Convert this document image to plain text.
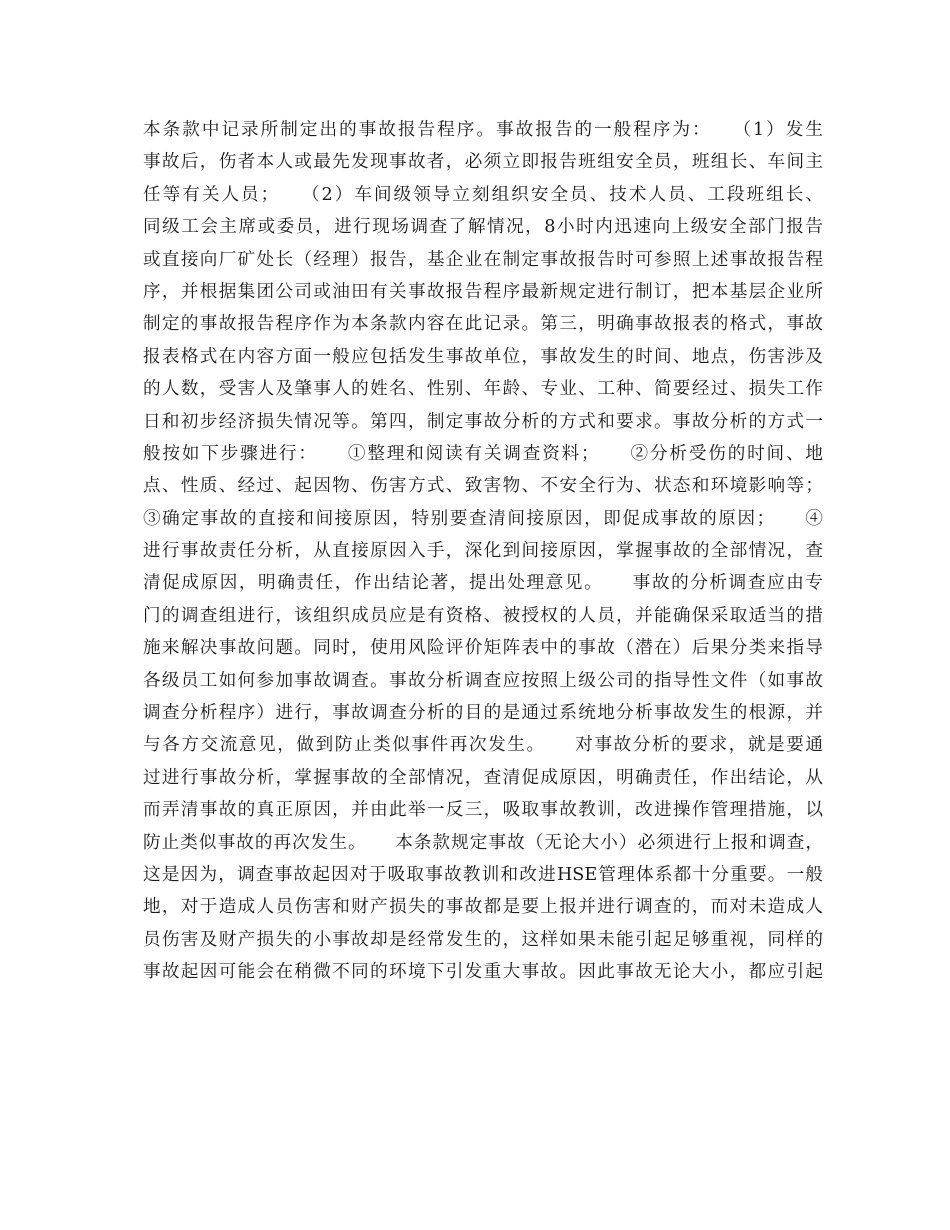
本条款中记录所制定出的事故报告程序。事故报告的一般程序为：　　（1）发生
事故后，伤者本人或最先发现事故者，必须立即报告班组安全员，班组长、车间主
任等有关人员；　　（2）车间级领导立刻组织安全员、技术人员、工段班组长、
同级工会主席或委员，进行现场调查了解情况，8小时内迅速向上级安全部门报告
或直接向厂矿处长（经理）报告，基企业在制定事故报告时可参照上述事故报告程
序，并根据集团公司或油田有关事故报告程序最新规定进行制订，把本基层企业所
制定的事故报告程序作为本条款内容在此记录。第三，明确事故报表的格式，事故
报表格式在内容方面一般应包括发生事故单位，事故发生的时间、地点，伤害涉及
的人数，受害人及肇事人的姓名、性别、年龄、专业、工种、简要经过、损失工作
日和初步经济损失情况等。第四，制定事故分析的方式和要求。事故分析的方式一
般按如下步骤进行：　　①整理和阅读有关调查资料；　　②分析受伤的时间、地
点、性质、经过、起因物、伤害方式、致害物、不安全行为、状态和环境影响等；
③确定事故的直接和间接原因，特别要查清间接原因，即促成事故的原因；　　④
进行事故责任分析，从直接原因入手，深化到间接原因，掌握事故的全部情况，查
清促成原因，明确责任，作出结论著，提出处理意见。　　事故的分析调查应由专
门的调查组进行，该组织成员应是有资格、被授权的人员，并能确保采取适当的措
施来解决事故问题。同时，使用风险评价矩阵表中的事故（潜在）后果分类来指导
各级员工如何参加事故调查。事故分析调查应按照上级公司的指导性文件（如事故
调查分析程序）进行，事故调查分析的目的是通过系统地分析事故发生的根源，并
与各方交流意见，做到防止类似事件再次发生。　　对事故分析的要求，就是要通
过进行事故分析，掌握事故的全部情况，查清促成原因，明确责任，作出结论，从
而弄清事故的真正原因，并由此举一反三，吸取事故教训，改进操作管理措施，以
防止类似事故的再次发生。　　本条款规定事故（无论大小）必须进行上报和调查，
这是因为，调查事故起因对于吸取事故教训和改进HSE管理体系都十分重要。一般
地，对于造成人员伤害和财产损失的事故都是要上报并进行调查的，而对未造成人
员伤害及财产损失的小事故却是经常发生的，这样如果未能引起足够重视，同样的
事故起因可能会在稍微不同的环境下引发重大事故。因此事故无论大小，都应引起
